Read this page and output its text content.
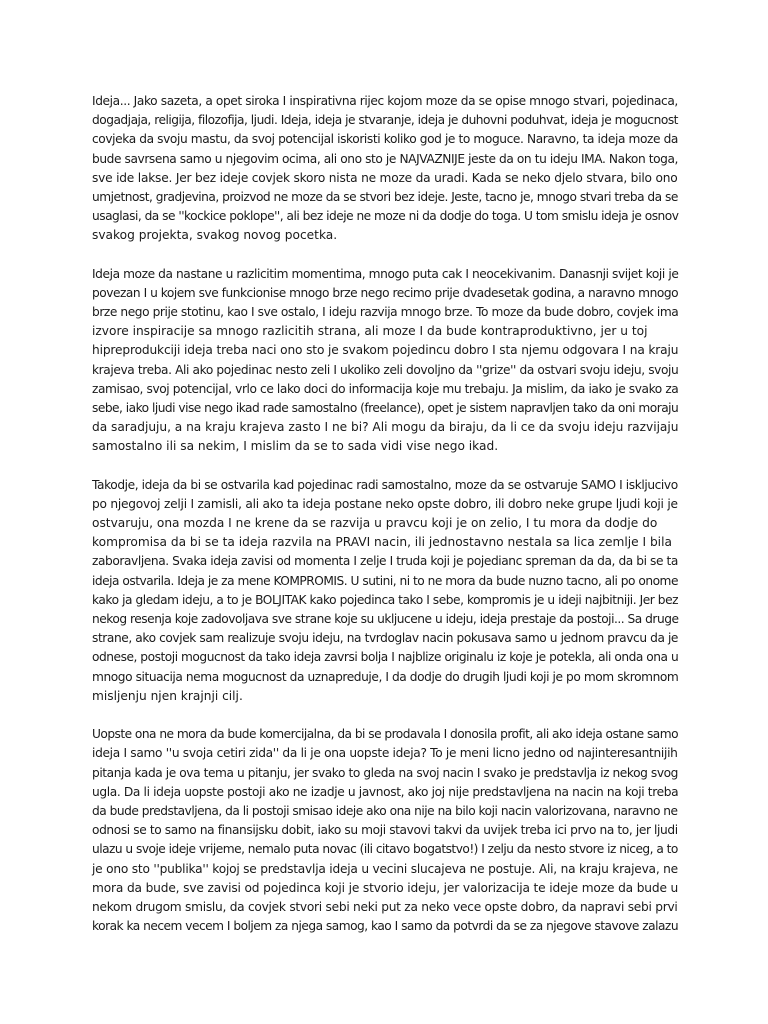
Ideja... Jako sazeta, a opet siroka I inspirativna rijec kojom moze da se opise mnogo stvari, pojedinaca,
dogadjaja, religija, filozofija, ljudi. Ideja, ideja je stvaranje, ideja je duhovni poduhvat, ideja je mogucnost
covjeka da svoju mastu, da svoj potencijal iskoristi koliko god je to moguce. Naravno, ta ideja moze da
bude savrsena samo u njegovim ocima, ali ono sto je NAJVAZNIJE jeste da on tu ideju IMA. Nakon toga,
sve ide lakse. Jer bez ideje covjek skoro nista ne moze da uradi. Kada se neko djelo stvara, bilo ono
umjetnost, gradjevina, proizvod ne moze da se stvori bez ideje. Jeste, tacno je, mnogo stvari treba da se
usaglasi, da se ''kockice poklope'', ali bez ideje ne moze ni da dodje do toga. U tom smislu ideja je osnov
svakog projekta, svakog novog pocetka.

Ideja moze da nastane u razlicitim momentima, mnogo puta cak I neocekivanim. Danasnji svijet koji je
povezan I u kojem sve funkcionise mnogo brze nego recimo prije dvadesetak godina, a naravno mnogo
brze nego prije stotinu, kao I sve ostalo, I ideju razvija mnogo brze. To moze da bude dobro, covjek ima
izvore inspiracije sa mnogo razlicitih strana, ali moze I da bude kontraproduktivno, jer u toj
hipreprodukciji ideja treba naci ono sto je svakom pojedincu dobro I sta njemu odgovara I na kraju
krajeva treba. Ali ako pojedinac nesto zeli I ukoliko zeli dovoljno da ''grize'' da ostvari svoju ideju, svoju
zamisao, svoj potencijal, vrlo ce lako doci do informacija koje mu trebaju. Ja mislim, da iako je svako za
sebe, iako ljudi vise nego ikad rade samostalno (freelance), opet je sistem napravljen tako da oni moraju
da saradjuju, a na kraju krajeva zasto I ne bi? Ali mogu da biraju, da li ce da svoju ideju razvijaju
samostalno ili sa nekim, I mislim da se to sada vidi vise nego ikad.

Takodje, ideja da bi se ostvarila kad pojedinac radi samostalno, moze da se ostvaruje SAMO I iskljucivo
po njegovoj zelji I zamisli, ali ako ta ideja postane neko opste dobro, ili dobro neke grupe ljudi koji je
ostvaruju, ona mozda I ne krene da se razvija u pravcu koji je on zelio, I tu mora da dodje do
kompromisa da bi se ta ideja razvila na PRAVI nacin, ili jednostavno nestala sa lica zemlje I bila
zaboravljena. Svaka ideja zavisi od momenta I zelje I truda koji je pojedianc spreman da da, da bi se ta
ideja ostvarila. Ideja je za mene KOMPROMIS. U sutini, ni to ne mora da bude nuzno tacno, ali po onome
kako ja gledam ideju, a to je BOLJITAK kako pojedinca tako I sebe, kompromis je u ideji najbitniji. Jer bez
nekog resenja koje zadovoljava sve strane koje su ukljucene u ideju, ideja prestaje da postoji... Sa druge
strane, ako covjek sam realizuje svoju ideju, na tvrdoglav nacin pokusava samo u jednom pravcu da je
odnese, postoji mogucnost da tako ideja zavrsi bolja I najblize originalu iz koje je potekla, ali onda ona u
mnogo situacija nema mogucnost da uznapreduje, I da dodje do drugih ljudi koji je po mom skromnom
misljenju njen krajnji cilj.

Uopste ona ne mora da bude komercijalna, da bi se prodavala I donosila profit, ali ako ideja ostane samo
ideja I samo ''u svoja cetiri zida'' da li je ona uopste ideja? To je meni licno jedno od najinteresantnijih
pitanja kada je ova tema u pitanju, jer svako to gleda na svoj nacin I svako je predstavlja iz nekog svog
ugla. Da li ideja uopste postoji ako ne izadje u javnost, ako joj nije predstavljena na nacin na koji treba
da bude predstavljena, da li postoji smisao ideje ako ona nije na bilo koji nacin valorizovana, naravno ne
odnosi se to samo na finansijsku dobit, iako su moji stavovi takvi da uvijek treba ici prvo na to, jer ljudi
ulazu u svoje ideje vrijeme, nemalo puta novac (ili citavo bogatstvo!) I zelju da nesto stvore iz niceg, a to
je ono sto ''publika'' kojoj se predstavlja ideja u vecini slucajeva ne postuje. Ali, na kraju krajeva, ne
mora da bude, sve zavisi od pojedinca koji je stvorio ideju, jer valorizacija te ideje moze da bude u
nekom drugom smislu, da covjek stvori sebi neki put za neko vece opste dobro, da napravi sebi prvi
korak ka necem vecem I boljem za njega samog, kao I samo da potvrdi da se za njegove stavove zalazu
